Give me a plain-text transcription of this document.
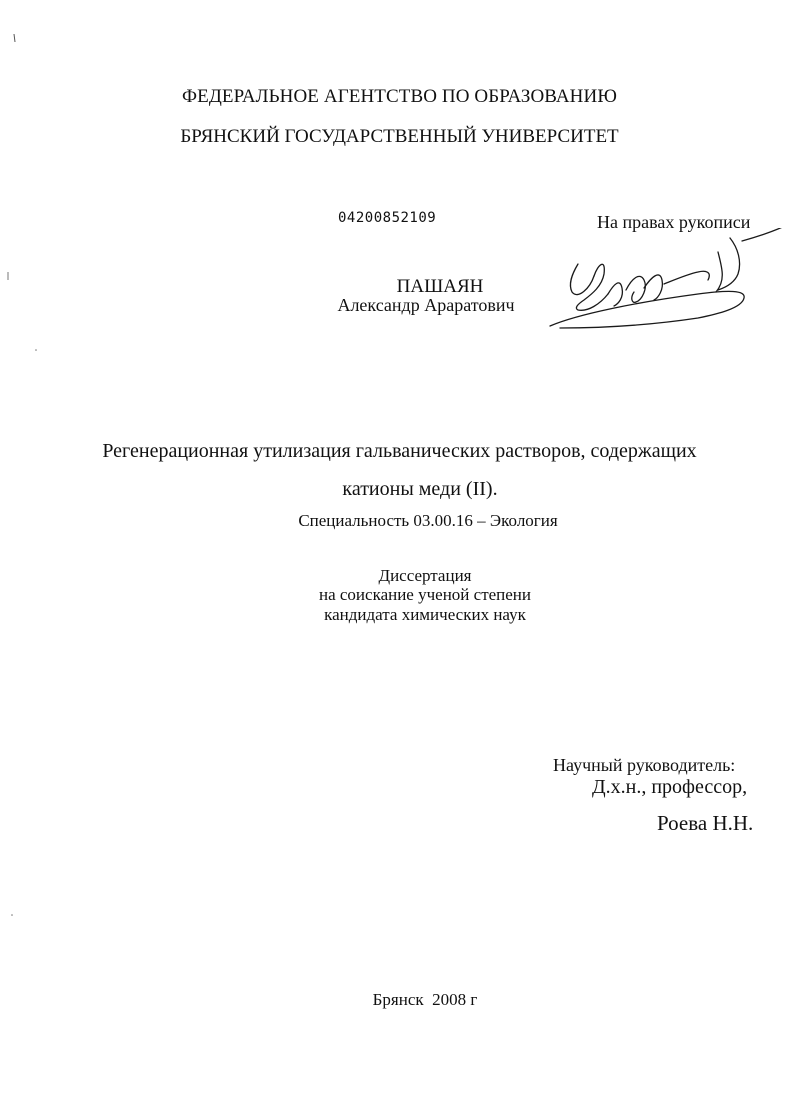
ФЕДЕРАЛЬНОЕ АГЕНТСТВО ПО ОБРАЗОВАНИЮ
БРЯНСКИЙ ГОСУДАРСТВЕННЫЙ УНИВЕРСИТЕТ
04200852109	На правах рукописи
ПАШАЯН
Александр Араратович
Регенерационная утилизация гальванических растворов, содержащих
катионы меди (II).
Специальность 03.00.16 – Экология
Диссертация
на соискание ученой степени
кандидата химических наук
Научный руководитель:
Д.х.н., профессор,
Роева Н.Н.
Брянск  2008 г
